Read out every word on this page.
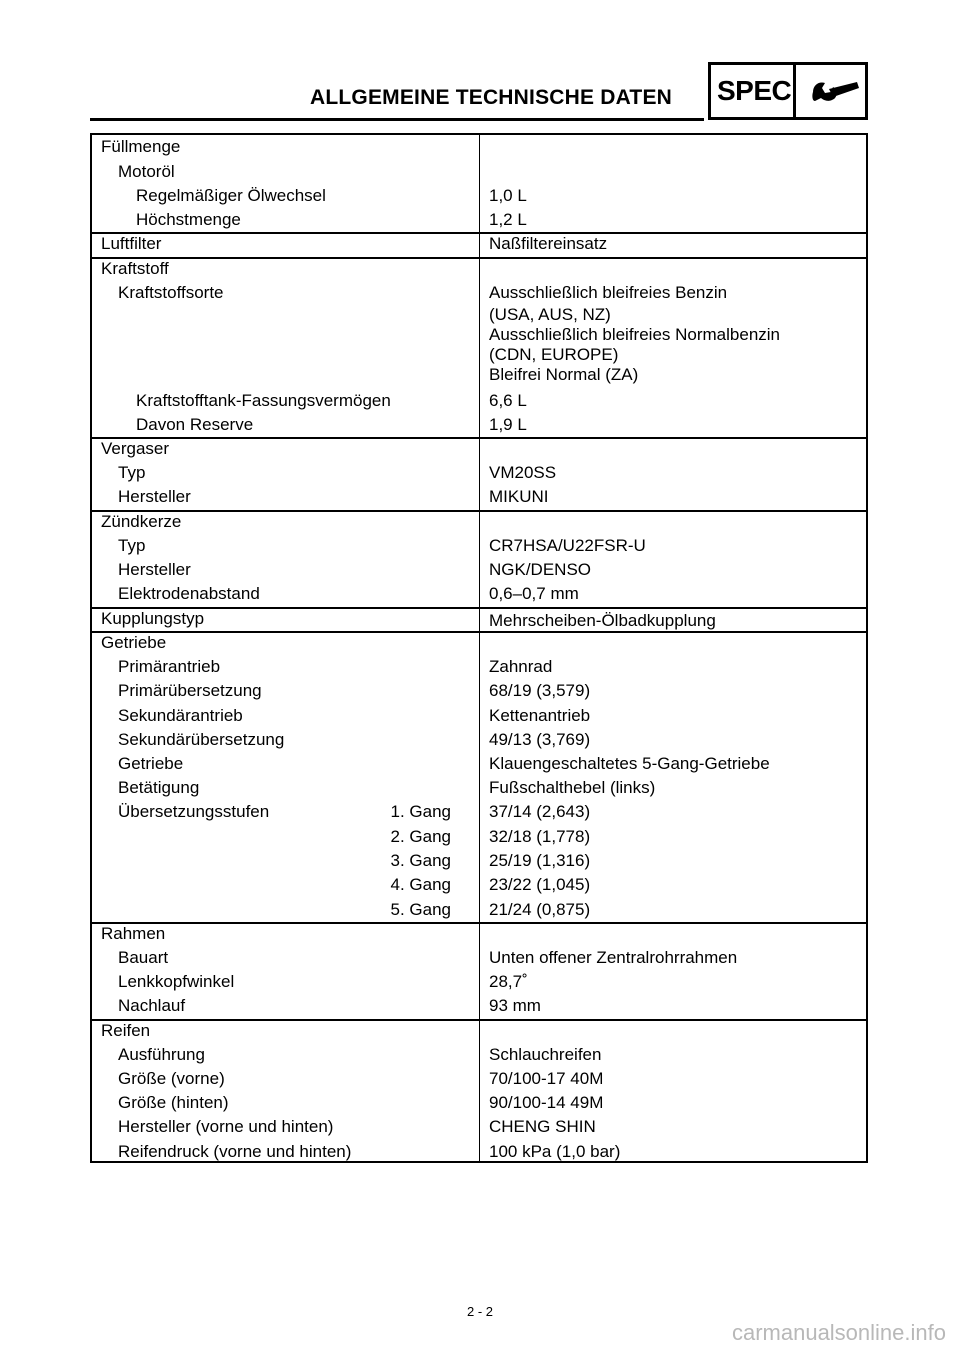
ALLGEMEINE TECHNISCHE DATEN SPEC
Füllmenge
Motoröl
Regelmäßiger Ölwechsel	1,0 L
Höchstmenge	1,2 L
Luftfilter	Naßfiltereinsatz
Kraftstoff
Kraftstoffsorte	Ausschließlich bleifreies Benzin
(USA, AUS, NZ)
Ausschließlich bleifreies Normalbenzin
(CDN, EUROPE)
Bleifrei Normal (ZA)
Kraftstofftank-Fassungsvermögen	6,6 L
Davon Reserve	1,9 L
Vergaser
Typ	VM20SS
Hersteller	MIKUNI
Zündkerze
Typ	CR7HSA/U22FSR-U
Hersteller	NGK/DENSO
Elektrodenabstand	0,6–0,7 mm
Kupplungstyp	Mehrscheiben-Ölbadkupplung
Getriebe
Primärantrieb	Zahnrad
Primärübersetzung	68/19 (3,579)
Sekundärantrieb	Kettenantrieb
Sekundärübersetzung	49/13 (3,769)
Getriebe	Klauengeschaltetes 5-Gang-Getriebe
Betätigung	Fußschalthebel (links)
Übersetzungsstufen	1. Gang 37/14 (2,643)
2. Gang 32/18 (1,778)
3. Gang 25/19 (1,316)
4. Gang 23/22 (1,045)
5. Gang 21/24 (0,875)
Rahmen
Bauart	Unten offener Zentralrohrrahmen
Lenkkopfwinkel	28,7˚
Nachlauf	93 mm
Reifen
Ausführung	Schlauchreifen
Größe (vorne)	70/100-17 40M
Größe (hinten)	90/100-14 49M
Hersteller (vorne und hinten)	CHENG SHIN
Reifendruck (vorne und hinten)	100 kPa (1,0 bar)
2 - 2
carmanualsonline.info
